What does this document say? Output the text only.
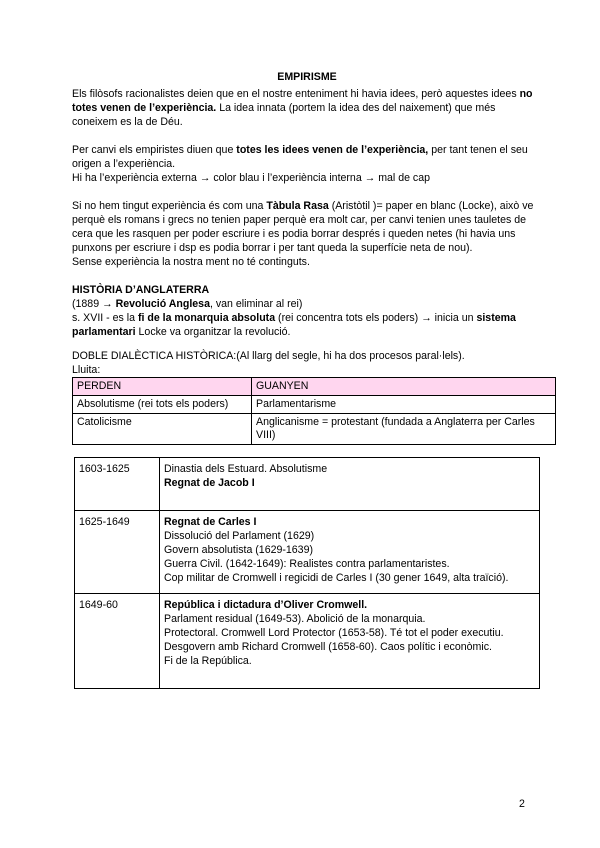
EMPIRISME

Els filòsofs racionalistes deien que en el nostre enteniment hi havia idees, però aquestes idees no totes venen de l’experiència. La idea innata (portem la idea des del naixement) que més coneixem es la de Déu.

Per canvi els empiristes diuen que totes les idees venen de l’experiència, per tant tenen el seu origen a l’experiència.

Hi ha l’experiència externa → color blau i l’experiència interna → mal de cap

Si no hem tingut experiència és com una Tàbula Rasa (Aristòtil )= paper en blanc (Locke), això ve perquè els romans i grecs no tenien paper perquè era molt car, per canvi tenien unes tauletes de cera que les rasquen per poder escriure i es podia borrar després i queden netes (hi havia uns punxons per escriure i dsp es podia borrar i per tant queda la superfície neta de nou).

Sense experiència la nostra ment no té continguts.

HISTÒRIA D’ANGLATERRA

(1889 → Revolució Anglesa, van eliminar al rei)

s. XVII - es la fi de la monarquia absoluta (rei concentra tots els poders) → inicia un sistema parlamentari Locke va organitzar la revolució.

DOBLE DIALÈCTICA HISTÒRICA:(Al llarg del segle, hi ha dos procesos paral·lels).

Lluita:

PERDEN	GUANYEN
Absolutisme (rei tots els poders)	Parlamentarisme
Catolicisme	Anglicanisme = protestant (fundada a Anglaterra per Carles VIII)
1603-1625	Dinastia dels Estuard. Absolutisme
Regnat de Jacob I

1625-1649	Regnat de Carles I
Dissolució del Parlament (1629)
Govern absolutista (1629-1639)
Guerra Civil. (1642-1649): Realistes contra parlamentaristes.
Cop militar de Cromwell i regicidi de Carles I (30 gener 1649, alta traïció).

1649-60	República i dictadura d’Oliver Cromwell.
Parlament residual (1649-53). Abolició de la monarquia.
Protectoral. Cromwell Lord Protector (1653-58). Té tot el poder executiu.
Desgovern amb Richard Cromwell (1658-60). Caos polític i econòmic.
Fi de la República.
2
